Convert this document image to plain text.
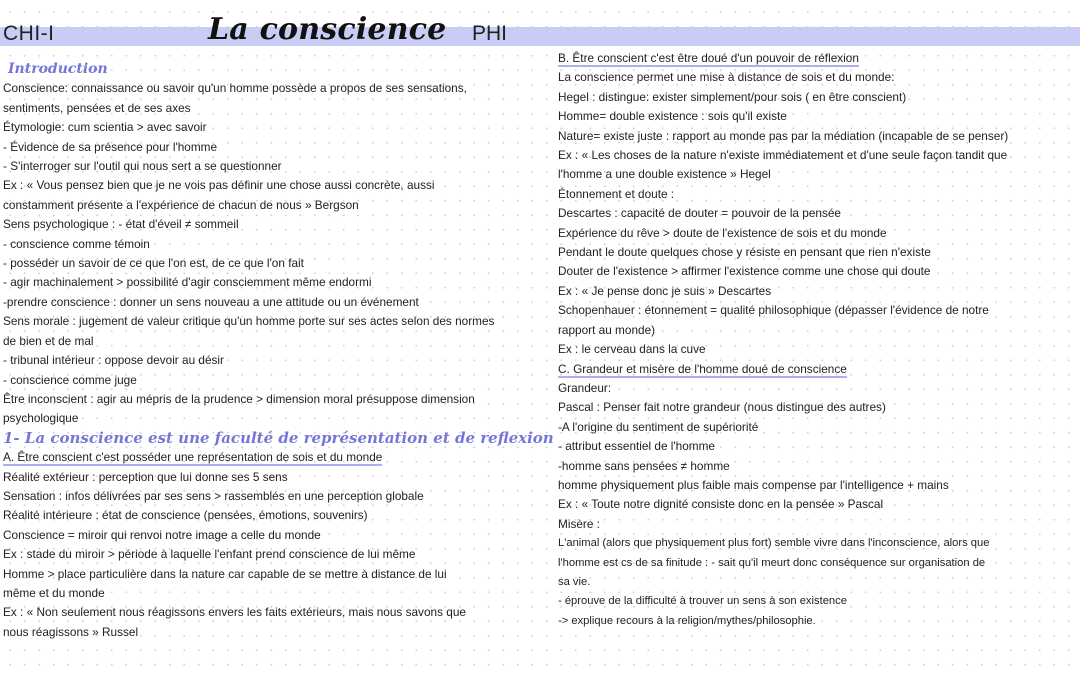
CHI-I	La conscience PHI
Introduction
Conscience: connaissance ou savoir qu'un homme possède a propos de ses sensations,
sentiments, pensées et de ses axes
Étymologie: cum scientia > avec savoir
- Évidence de sa présence pour l'homme
- S'interroger sur l'outil qui nous sert a se questionner
Ex : « Vous pensez bien que je ne vois pas définir une chose aussi concrète, aussi
constamment présente a l'expérience de chacun de nous » Bergson
Sens psychologique : - état d'éveil ≠ sommeil
- conscience comme témoin
- posséder un savoir de ce que l'on est, de ce que l'on fait
- agir machinalement > possibilité d'agir consciemment même endormi
-prendre conscience : donner un sens nouveau a une attitude ou un événement
Sens morale : jugement de valeur critique qu'un homme porte sur ses actes selon des normes
de bien et de mal
- tribunal intérieur : oppose devoir au désir
- conscience comme juge
Être inconscient : agir au mépris de la prudence > dimension moral présuppose dimension
psychologique
1- La conscience est une faculté de représentation et de reflexion
A. Être conscient c'est posséder une représentation de sois et du monde
Réalité extérieur : perception que lui donne ses 5 sens
Sensation : infos délivrées par ses sens > rassemblés en une perception globale
Réalité intérieure : état de conscience (pensées, émotions, souvenirs)
Conscience = miroir qui renvoi notre image a celle du monde
Ex : stade du miroir > période à laquelle l'enfant prend conscience de lui même
Homme > place particulière dans la nature car capable de se mettre à distance de lui
même et du monde
Ex : « Non seulement nous réagissons envers les faits extérieurs, mais nous savons que
nous réagissons » Russel
B. Être conscient c'est être doué d'un pouvoir de réflexion
La conscience permet une mise à distance de sois et du monde:
Hegel : distingue: exister simplement/pour sois ( en être conscient)
Homme= double existence : sois qu'il existe
Nature= existe juste : rapport au monde pas par la médiation (incapable de se penser)
Ex : « Les choses de la nature n'existe immédiatement et d'une seule façon tandit que
l'homme a une double existence » Hegel
Étonnement et doute :
Descartes : capacité de douter = pouvoir de la pensée
Expérience du rêve > doute de l'existence de sois et du monde
Pendant le doute quelques chose y résiste en pensant que rien n'existe
Douter de l'existence > affirmer l'existence comme une chose qui doute
Ex : « Je pense donc je suis » Descartes
Schopenhauer : étonnement = qualité philosophique (dépasser l'évidence de notre
rapport au monde)
Ex : le cerveau dans la cuve
C. Grandeur et misère de l'homme doué de conscience
Grandeur:
Pascal : Penser fait notre grandeur (nous distingue des autres)
-A l'origine du sentiment de supériorité
- attribut essentiel de l'homme
-homme sans pensées ≠ homme
homme physiquement plus faible mais compense par l'intelligence + mains
Ex : « Toute notre dignité consiste donc en la pensée » Pascal
Misère :
L'animal (alors que physiquement plus fort) semble vivre dans l'inconscience, alors que
l'homme est cs de sa finitude : - sait qu'il meurt donc conséquence sur organisation de
sa vie.
- éprouve de la difficulté à trouver un sens à son existence
-> explique recours à la religion/mythes/philosophie.
